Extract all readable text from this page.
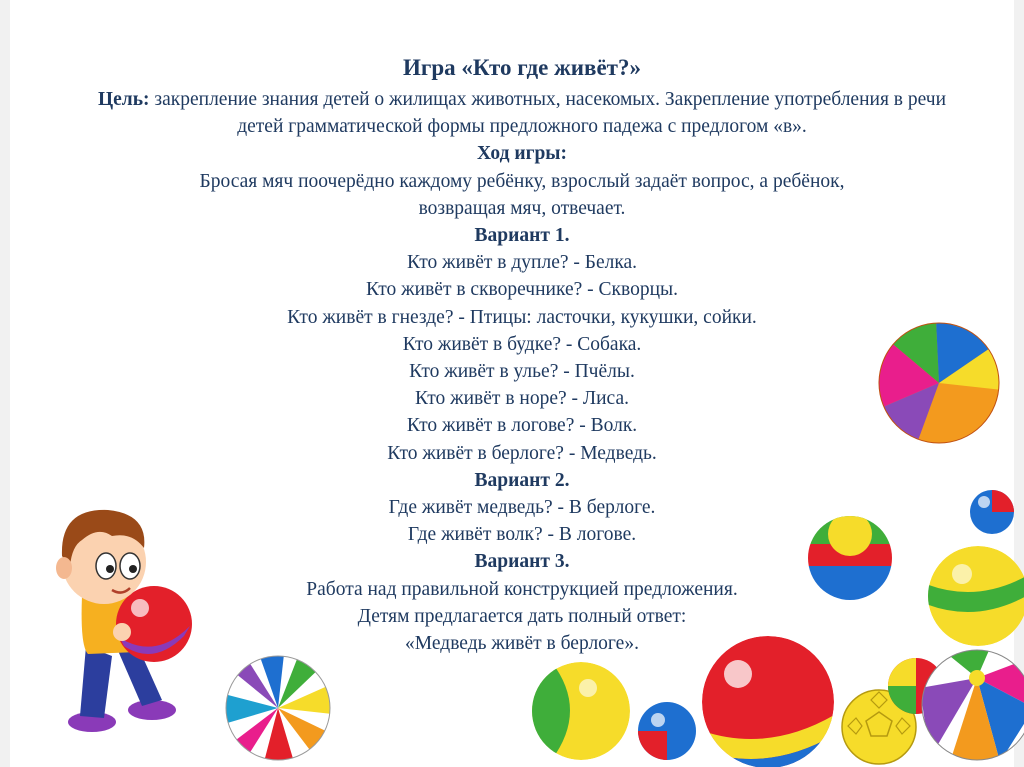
Игра «Кто где живёт?»
Цель: закрепление знания детей о жилищах животных, насекомых. Закрепление употребления в речи
детей грамматической формы предложного падежа с предлогом «в».
Ход игры:
Бросая мяч поочерёдно каждому ребёнку, взрослый задаёт вопрос, а ребёнок,
возвращая мяч, отвечает.
Вариант 1.
Кто живёт в дупле? - Белка.
Кто живёт в скворечнике? - Скворцы.
Кто живёт в гнезде? - Птицы: ласточки, кукушки, сойки.
Кто живёт в будке? - Собака.
Кто живёт в улье? - Пчёлы.
Кто живёт в норе? - Лиса.
Кто живёт в логове? - Волк.
Кто живёт в берлоге? - Медведь.
Вариант 2.
Где живёт медведь? - В берлоге.
Где живёт волк? - В логове.
Вариант 3.
Работа над правильной конструкцией предложения.
Детям предлагается дать полный ответ:
«Медведь живёт в берлоге».
